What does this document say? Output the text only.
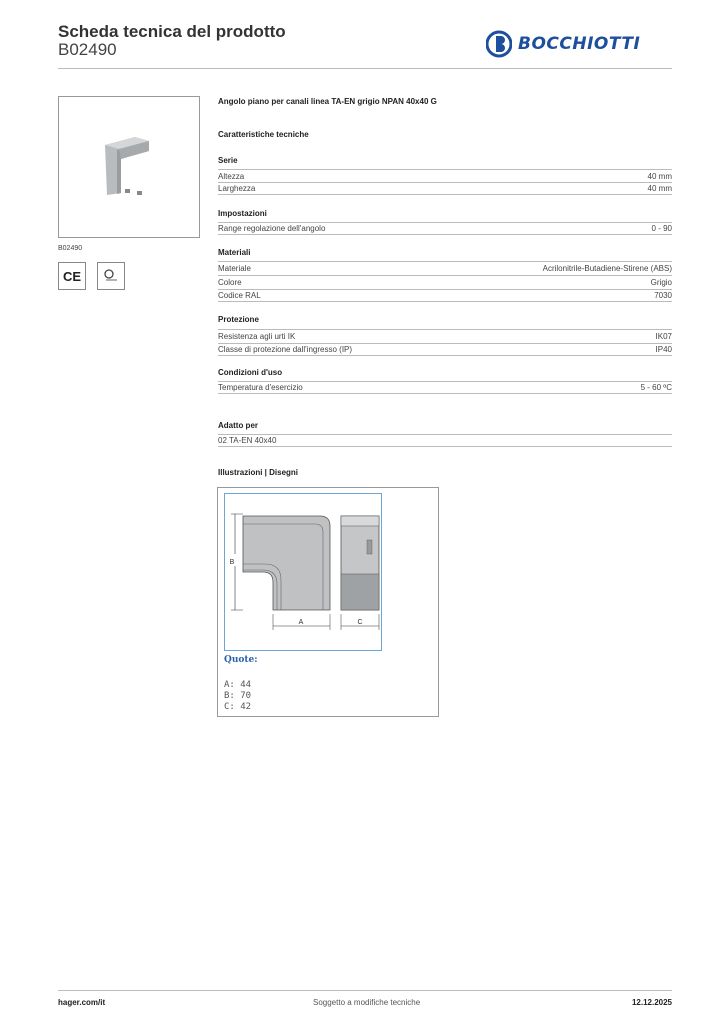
Scheda tecnica del prodotto
B02490	BOCCHIOTTI
B02490
CE
Angolo piano per canali linea TA-EN grigio NPAN 40x40 G
Caratteristiche tecniche
Serie
Altezza	40 mm
Larghezza	40 mm
Impostazioni
Range regolazione dell'angolo	0 - 90
Materiali
Materiale	Acrilonitrile-Butadiene-Stirene (ABS)
Colore	Grigio
Codice RAL	7030
Protezione
Resistenza agli urti IK	IK07
Classe di protezione dall'ingresso (IP)	IP40
Condizioni d'uso
Temperatura d'esercizio	5 - 60 ºC
Adatto per
02 TA-EN 40x40
Illustrazioni | Disegni
B
A	C
Quote:
A: 44
B: 70
C: 42
hager.com/it	Soggetto a modifiche tecniche	12.12.2025
